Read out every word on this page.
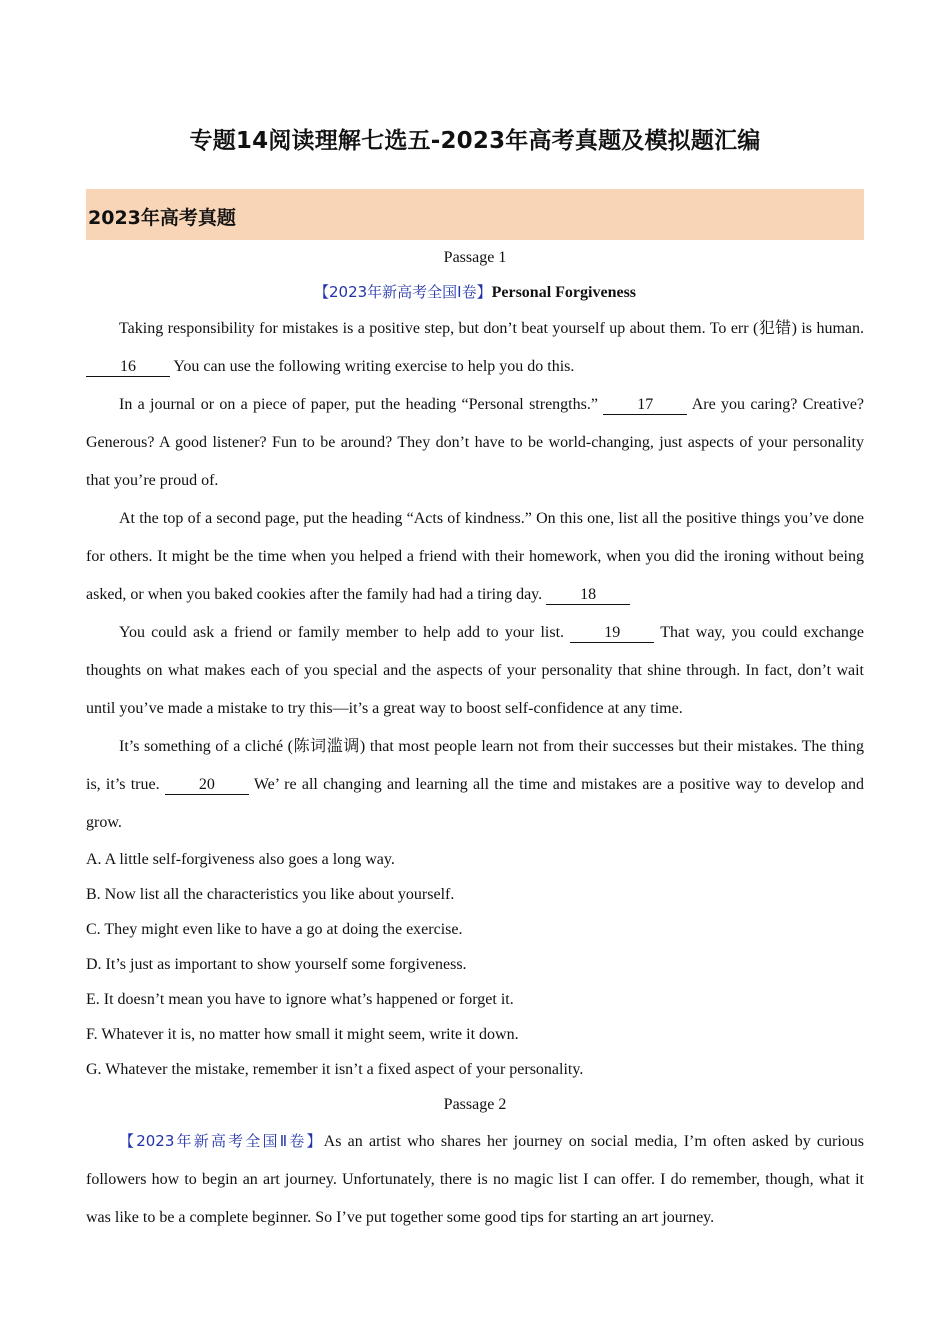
专题14阅读理解七选五-2023年高考真题及模拟题汇编
2023年高考真题
Passage 1
【2023年新高考全国Ⅰ卷】Personal Forgiveness

Taking responsibility for mistakes is a positive step, but don’t beat yourself up about them. To err (犯错) is human. 16 You can use the following writing exercise to help you do this.

In a journal or on a piece of paper, put the heading “Personal strengths.” 17 Are you caring? Creative? Generous? A good listener? Fun to be around? They don’t have to be world-changing, just aspects of your personality that you’re proud of.

At the top of a second page, put the heading “Acts of kindness.” On this one, list all the positive things you’ve done for others. It might be the time when you helped a friend with their homework, when you did the ironing without being asked, or when you baked cookies after the family had had a tiring day. 18

You could ask a friend or family member to help add to your list.	19 That way, you could exchange thoughts on what makes each of you special and the aspects of your personality that shine through. In fact, don’t wait until you’ve made a mistake to try this—it’s a great way to boost self-confidence at any time.

It’s something of a cliché (陈词滥调) that most people learn not from their successes but their mistakes. The thing is, it’s true. 20 We’ re all changing and learning all the time and mistakes are a positive way to develop and grow.

A. A little self-forgiveness also goes a long way.

B. Now list all the characteristics you like about yourself.

C. They might even like to have a go at doing the exercise.

D. It’s just as important to show yourself some forgiveness.

E. It doesn’t mean you have to ignore what’s happened or forget it.

F. Whatever it is, no matter how small it might seem, write it down.

G. Whatever the mistake, remember it isn’t a fixed aspect of your personality.

Passage 2

【2023年新高考全国Ⅱ卷】As an artist who shares her journey on social media, I’m often asked by curious followers how to begin an art journey. Unfortunately, there is no magic list I can offer. I do remember, though, what it was like to be a complete beginner. So I’ve put together some good tips for starting an art journey.
